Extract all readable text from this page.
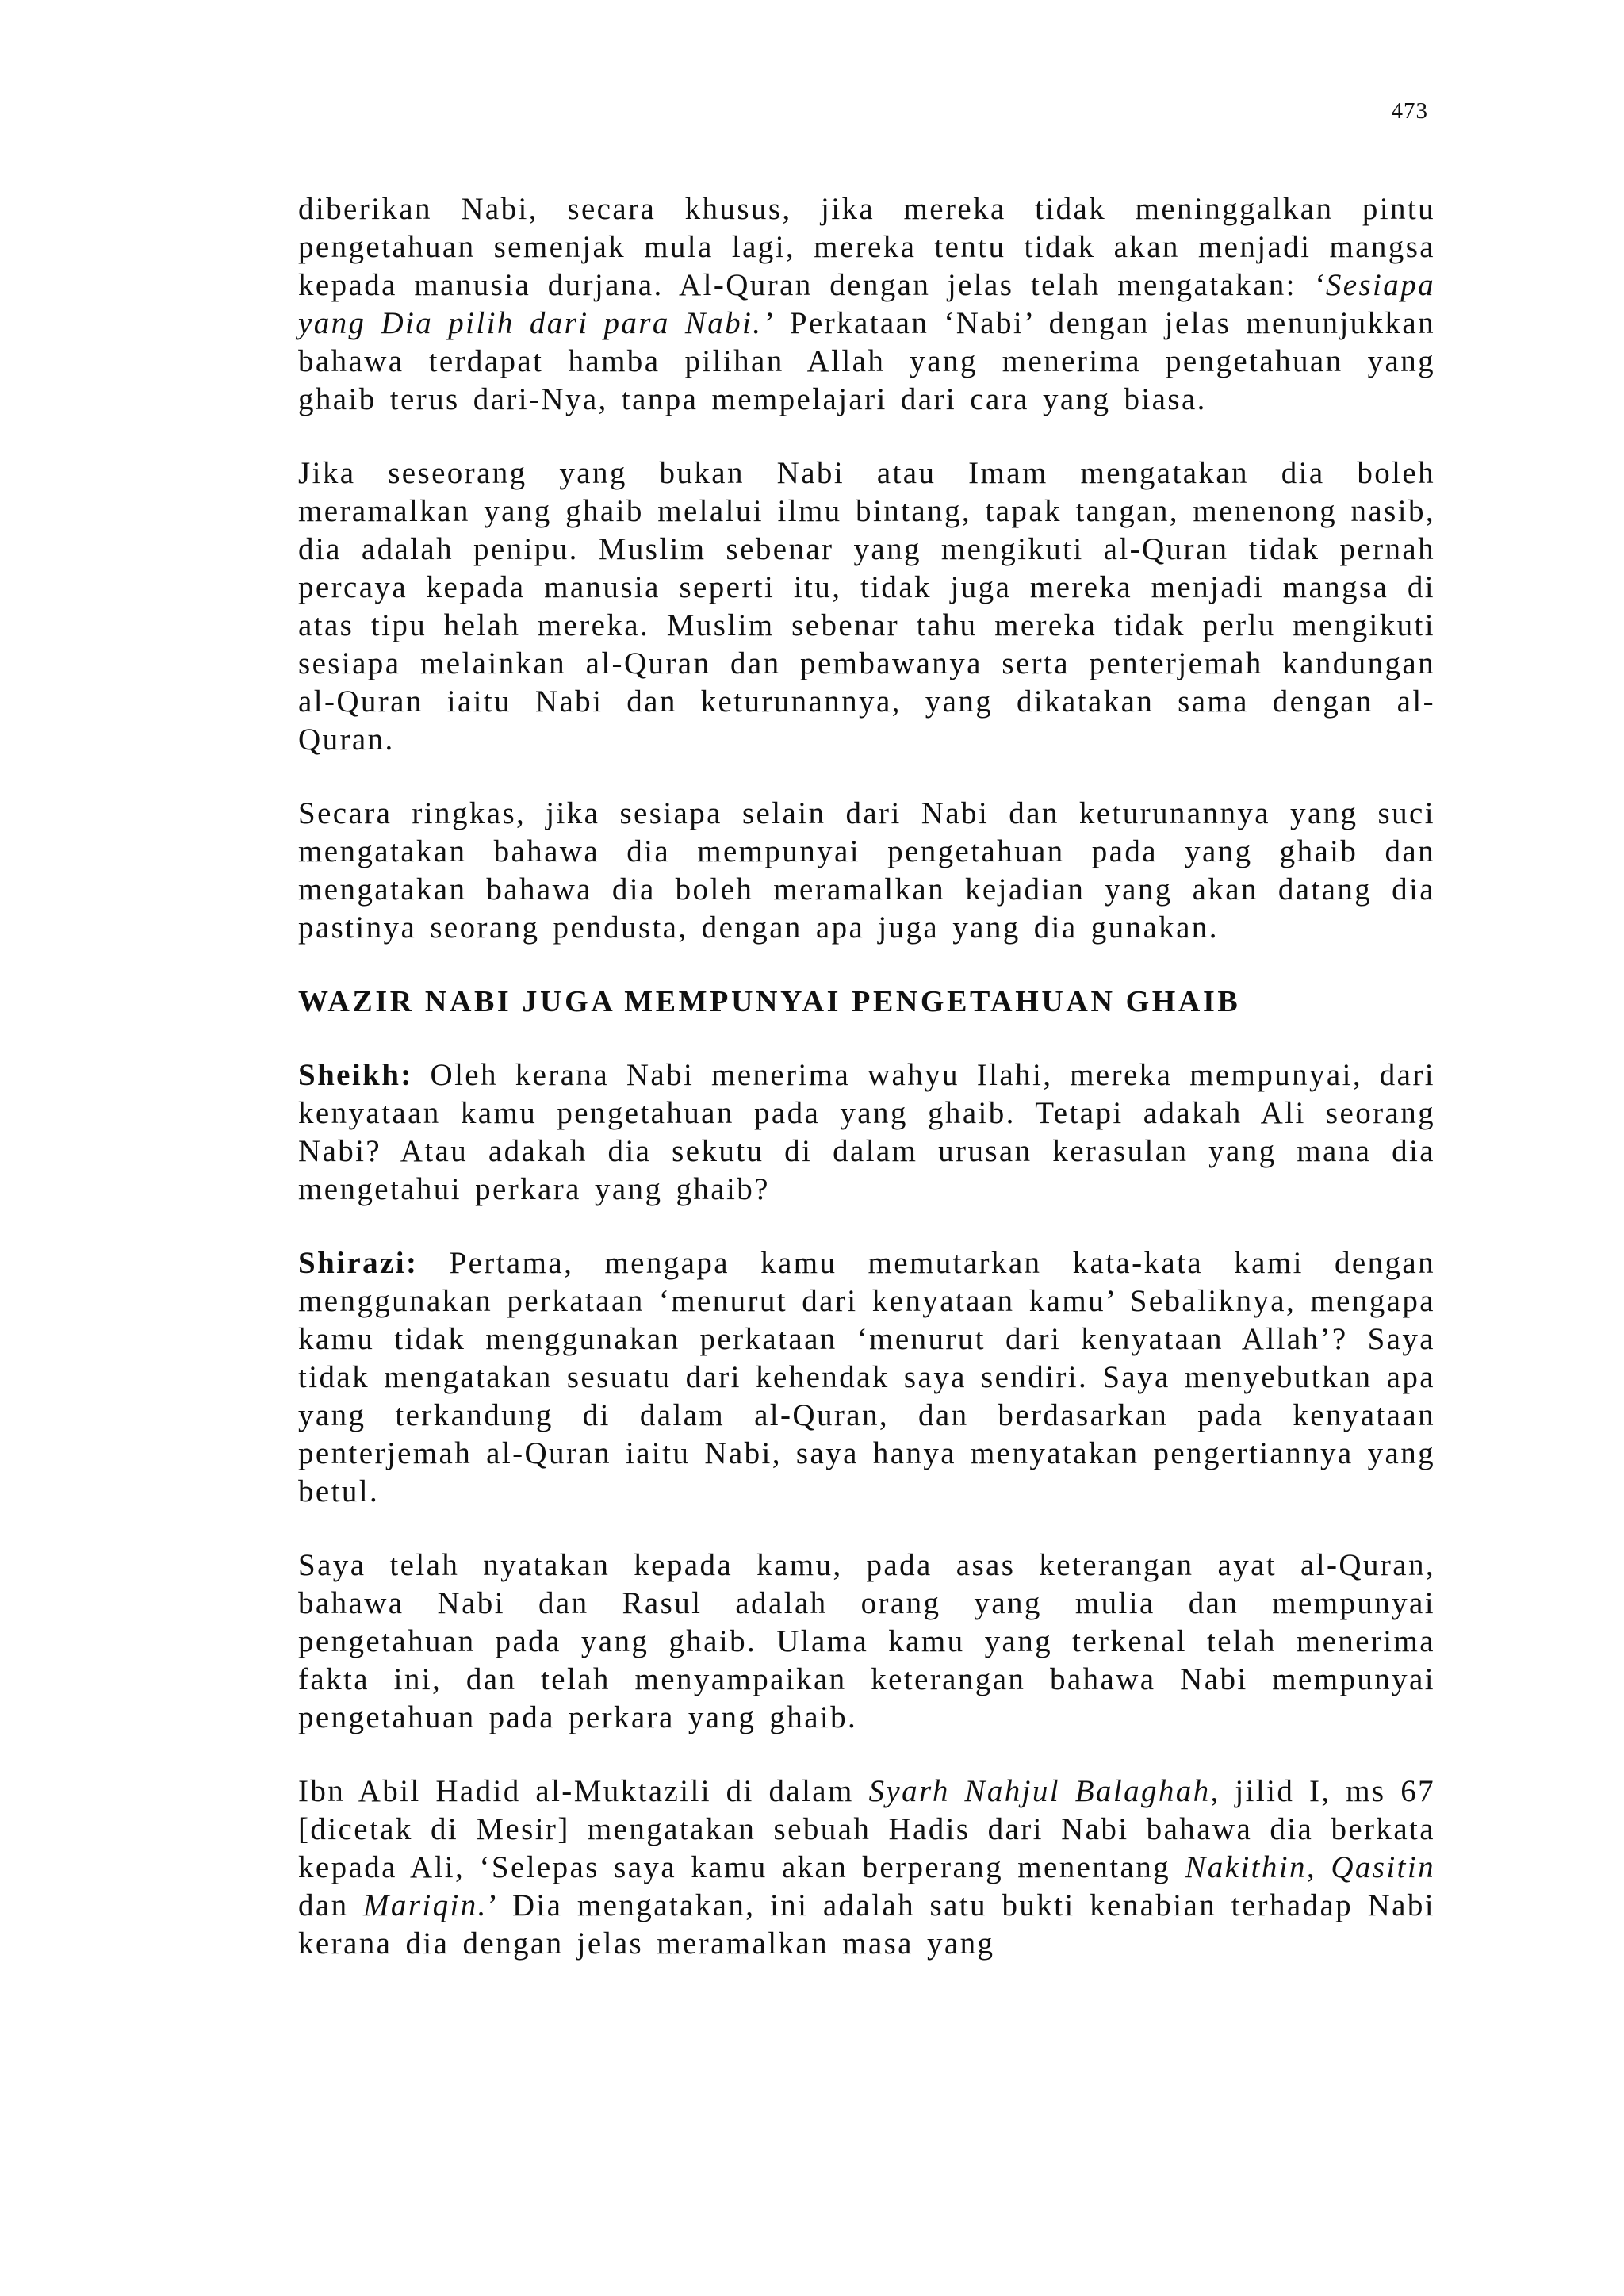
473

diberikan Nabi, secara khusus, jika mereka tidak meninggalkan pintu pengetahuan semenjak mula lagi, mereka tentu tidak akan menjadi mangsa kepada manusia durjana. Al-Quran dengan jelas telah mengatakan: ‘Sesiapa yang Dia pilih dari para Nabi.’ Perkataan ‘Nabi’ dengan jelas menunjukkan bahawa terdapat hamba pilihan Allah yang menerima pengetahuan yang ghaib terus dari-Nya, tanpa mempelajari dari cara yang biasa.

Jika seseorang yang bukan Nabi atau Imam mengatakan dia boleh meramalkan yang ghaib melalui ilmu bintang, tapak tangan, menenong nasib, dia adalah penipu. Muslim sebenar yang mengikuti al-Quran tidak pernah percaya kepada manusia seperti itu, tidak juga mereka menjadi mangsa di atas tipu helah mereka. Muslim sebenar tahu mereka tidak perlu mengikuti sesiapa melainkan al-Quran dan pembawanya serta penterjemah kandungan al-Quran iaitu Nabi dan keturunannya, yang dikatakan sama dengan al-Quran.

Secara ringkas, jika sesiapa selain dari Nabi dan keturunannya yang suci mengatakan bahawa dia mempunyai pengetahuan pada yang ghaib dan mengatakan bahawa dia boleh meramalkan kejadian yang akan datang dia pastinya seorang pendusta, dengan apa juga yang dia gunakan.

WAZIR NABI JUGA MEMPUNYAI PENGETAHUAN GHAIB

Sheikh: Oleh kerana Nabi menerima wahyu Ilahi, mereka mempunyai, dari kenyataan kamu pengetahuan pada yang ghaib. Tetapi adakah Ali seorang Nabi? Atau adakah dia sekutu di dalam urusan kerasulan yang mana dia mengetahui perkara yang ghaib?

Shirazi: Pertama, mengapa kamu memutarkan kata-kata kami dengan menggunakan perkataan ‘menurut dari kenyataan kamu’ Sebaliknya, mengapa kamu tidak menggunakan perkataan ‘menurut dari kenyataan Allah’? Saya tidak mengatakan sesuatu dari kehendak saya sendiri. Saya menyebutkan apa yang terkandung di dalam al-Quran, dan berdasarkan pada kenyataan penterjemah al-Quran iaitu Nabi, saya hanya menyatakan pengertiannya yang betul.

Saya telah nyatakan kepada kamu, pada asas keterangan ayat al-Quran, bahawa Nabi dan Rasul adalah orang yang mulia dan mempunyai pengetahuan pada yang ghaib. Ulama kamu yang terkenal telah menerima fakta ini, dan telah menyampaikan keterangan bahawa Nabi mempunyai pengetahuan pada perkara yang ghaib.

Ibn Abil Hadid al-Muktazili di dalam Syarh Nahjul Balaghah, jilid I, ms 67 [dicetak di Mesir] mengatakan sebuah Hadis dari Nabi bahawa dia berkata kepada Ali, ‘Selepas saya kamu akan berperang menentang Nakithin, Qasitin dan Mariqin.’ Dia mengatakan, ini adalah satu bukti kenabian terhadap Nabi kerana dia dengan jelas meramalkan masa yang
